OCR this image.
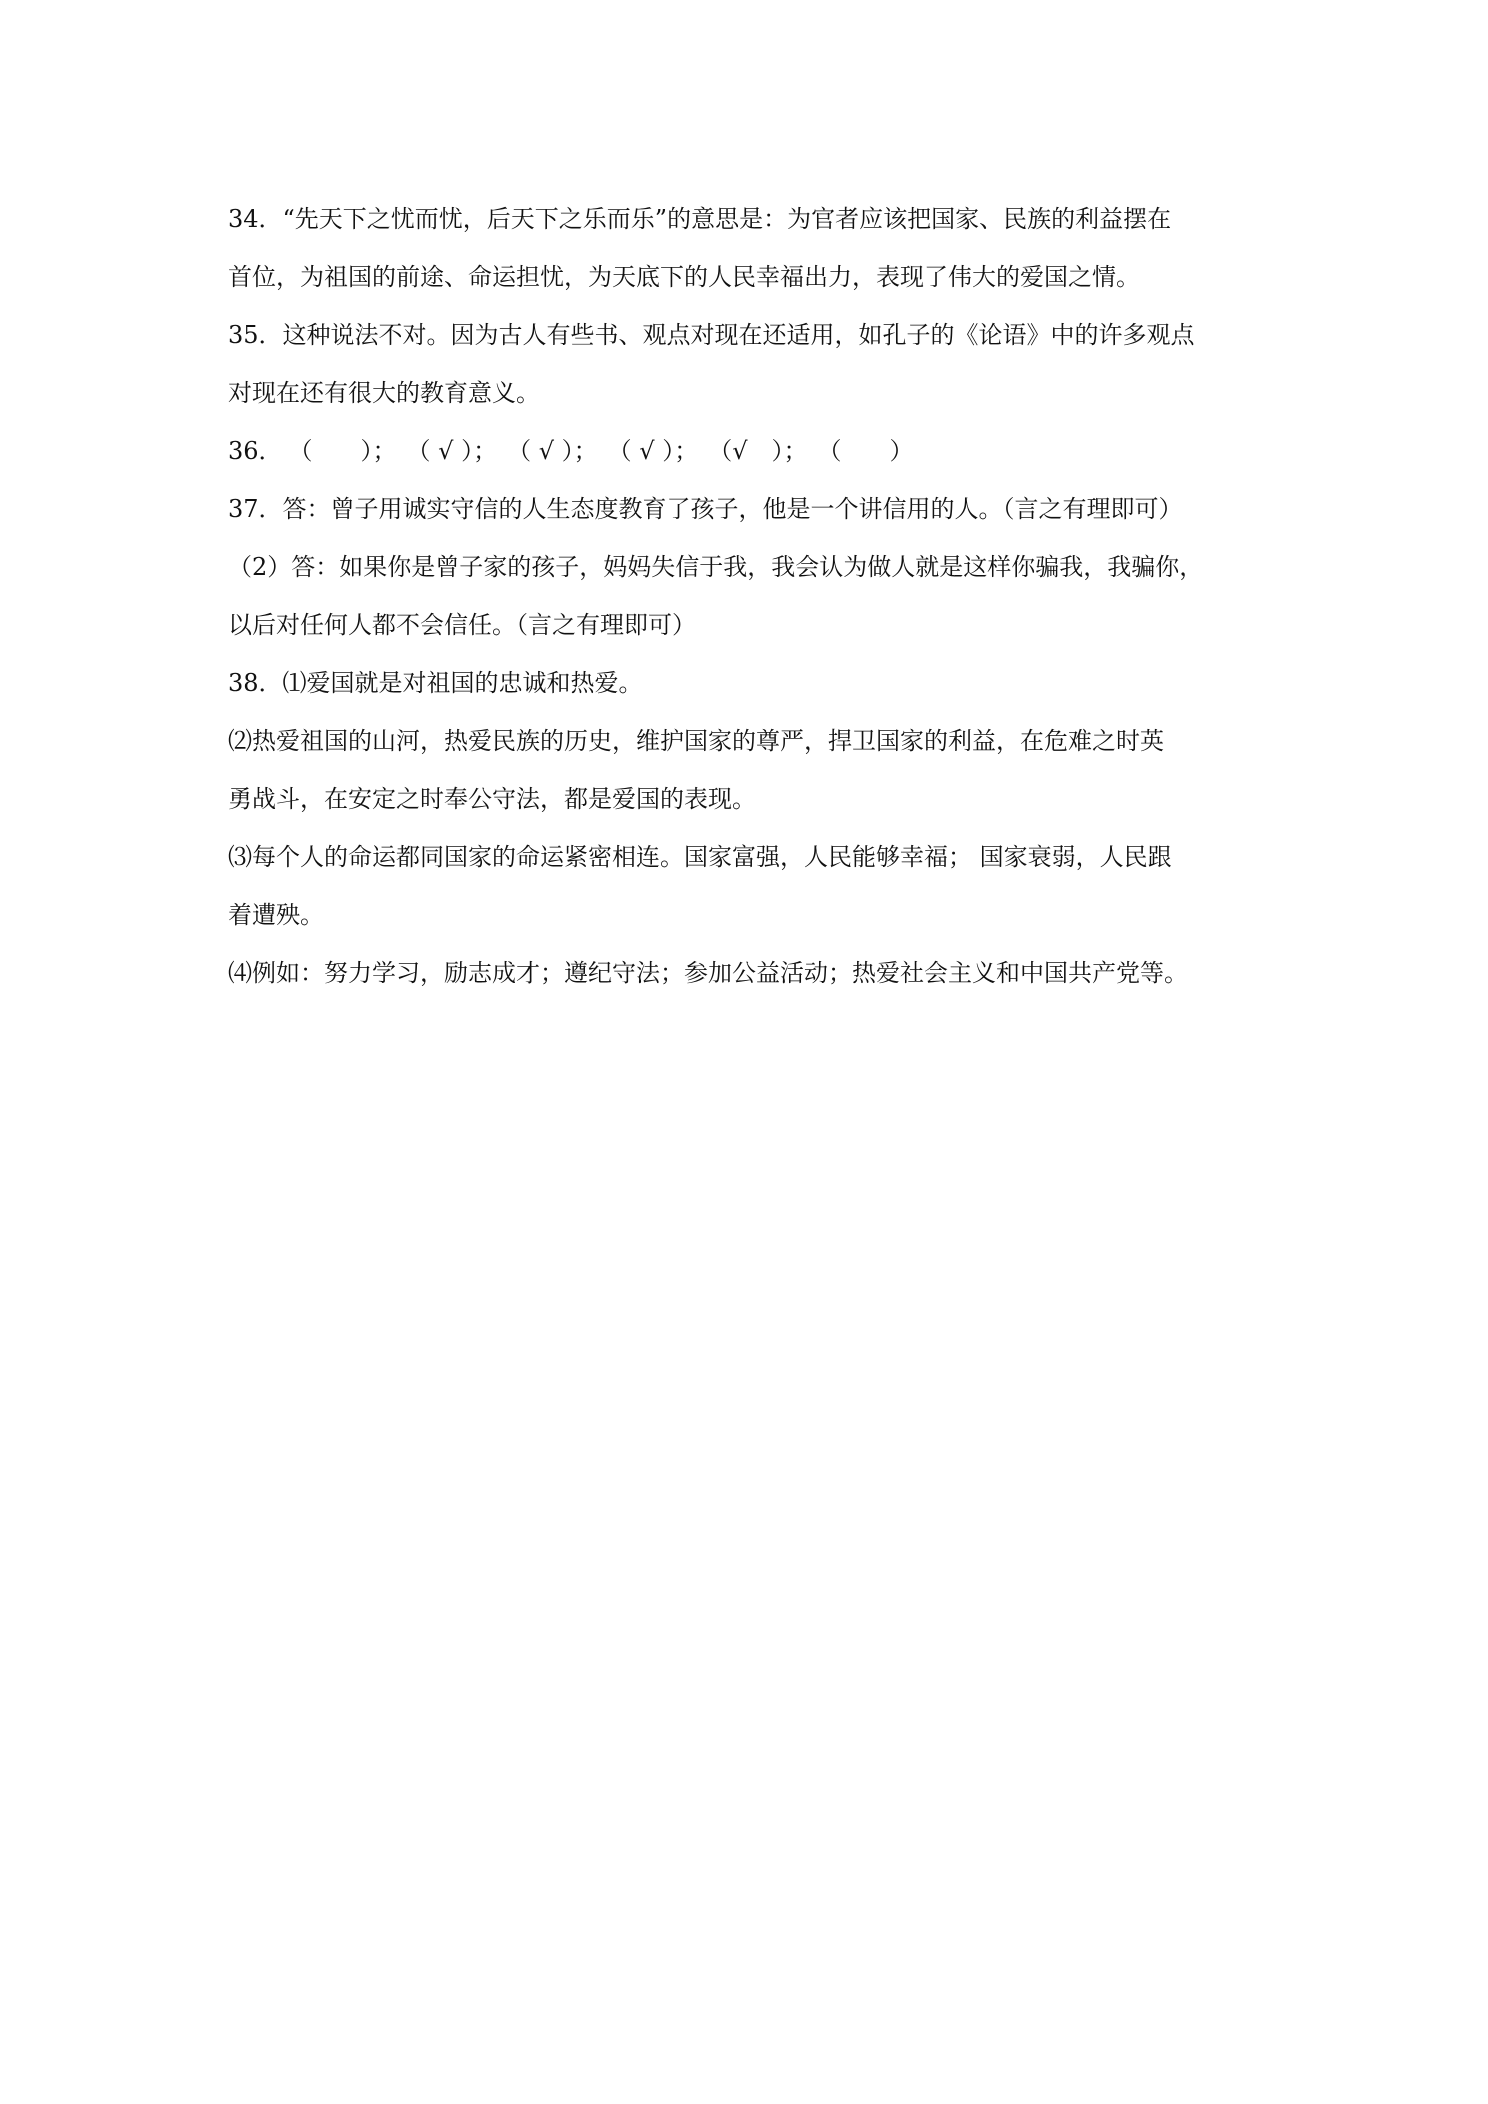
34．“先天下之忧而忧，后天下之乐而乐”的意思是：为官者应该把国家、民族的利益摆在
首位，为祖国的前途、命运担忧，为天底下的人民幸福出力，表现了伟大的爱国之情。
35．这种说法不对。因为古人有些书、观点对现在还适用，如孔子的《论语》中的许多观点
对现在还有很大的教育意义。
36． （　　）； （ √ ）； （ √ ）； （ √ ）； （√　）； （　　）
37．答：曾子用诚实守信的人生态度教育了孩子，他是一个讲信用的人。（言之有理即可）
（2）答：如果你是曾子家的孩子，妈妈失信于我，我会认为做人就是这样你骗我，我骗你，
以后对任何人都不会信任。（言之有理即可）
38．⑴爱国就是对祖国的忠诚和热爱。
⑵热爱祖国的山河，热爱民族的历史，维护国家的尊严，捍卫国家的利益，在危难之时英
勇战斗，在安定之时奉公守法，都是爱国的表现。
⑶每个人的命运都同国家的命运紧密相连。国家富强，人民能够幸福； 国家衰弱，人民跟
着遭殃。
⑷例如：努力学习，励志成才；遵纪守法；参加公益活动；热爱社会主义和中国共产党等。
